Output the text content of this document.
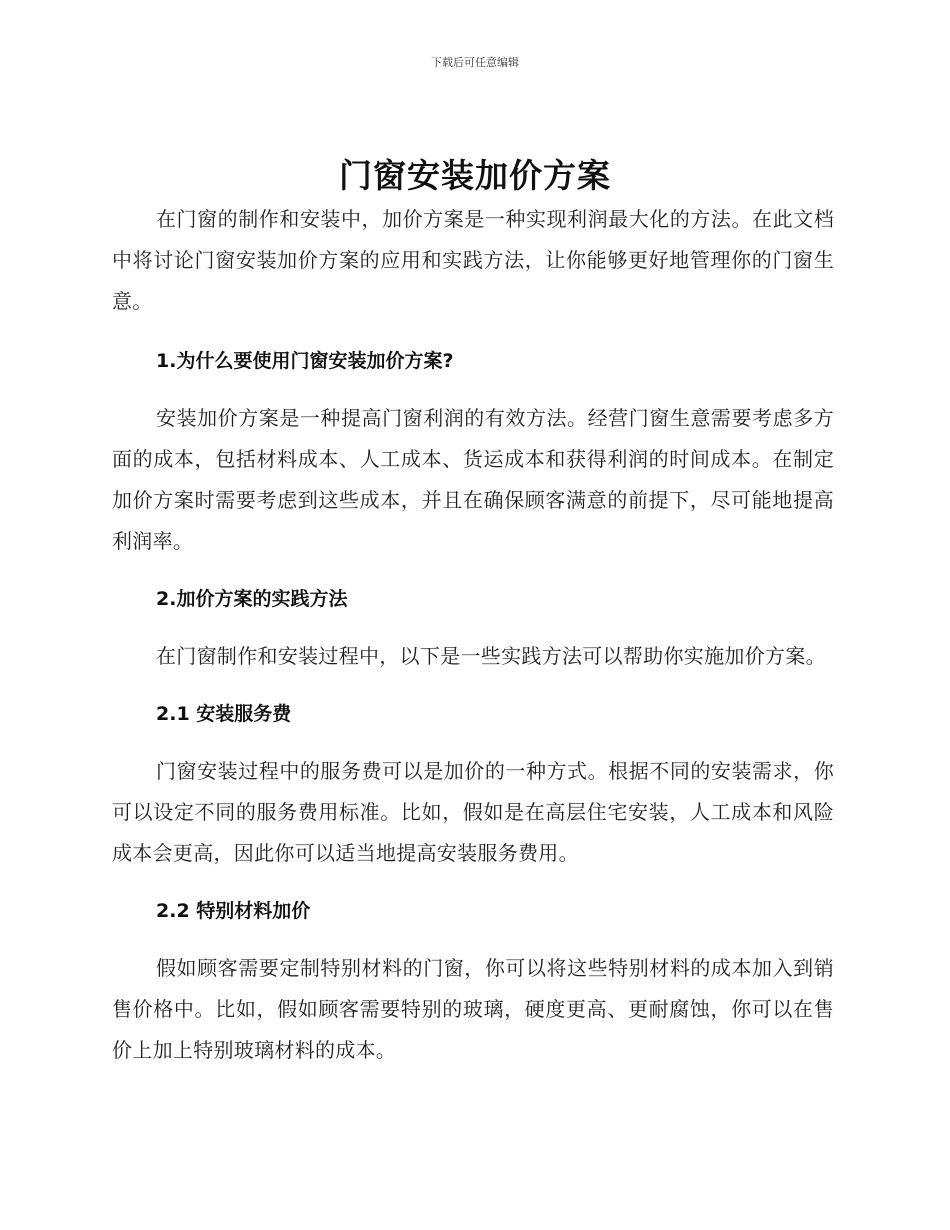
下载后可任意编辑
门窗安装加价方案

在门窗的制作和安装中，加价方案是一种实现利润最大化的方法。在此文档中将讨论门窗安装加价方案的应用和实践方法，让你能够更好地管理你的门窗生意。

1.为什么要使用门窗安装加价方案?

安装加价方案是一种提高门窗利润的有效方法。经营门窗生意需要考虑多方面的成本，包括材料成本、人工成本、货运成本和获得利润的时间成本。在制定加价方案时需要考虑到这些成本，并且在确保顾客满意的前提下，尽可能地提高利润率。

2.加价方案的实践方法

在门窗制作和安装过程中，以下是一些实践方法可以帮助你实施加价方案。

2.1 安装服务费

门窗安装过程中的服务费可以是加价的一种方式。根据不同的安装需求，你可以设定不同的服务费用标准。比如，假如是在高层住宅安装，人工成本和风险成本会更高，因此你可以适当地提高安装服务费用。

2.2 特别材料加价

假如顾客需要定制特别材料的门窗，你可以将这些特别材料的成本加入到销售价格中。比如，假如顾客需要特别的玻璃，硬度更高、更耐腐蚀，你可以在售价上加上特别玻璃材料的成本。
